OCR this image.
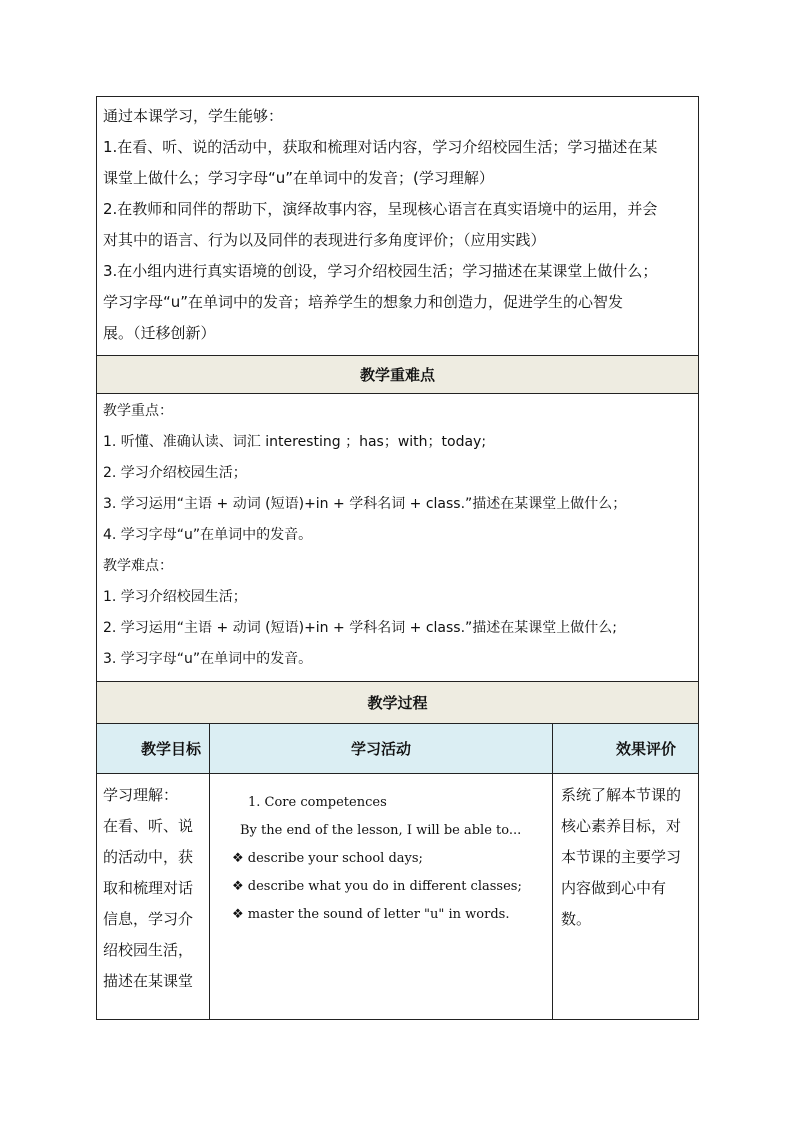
通过本课学习，学生能够：

1.在看、听、说的活动中，获取和梳理对话内容，学习介绍校园生活；学习描述在某

课堂上做什么；学习字母“u”在单词中的发音；(学习理解）

2.在教师和同伴的帮助下，演绎故事内容，呈现核心语言在真实语境中的运用，并会

对其中的语言、行为以及同伴的表现进行多角度评价；（应用实践）

3.在小组内进行真实语境的创设，学习介绍校园生活；学习描述在某课堂上做什么；

学习字母“u”在单词中的发音；培养学生的想象力和创造力，促进学生的心智发

展。（迁移创新）

教学重难点

教学重点：

1. 听懂、准确认读、词汇 interesting ；has；with；today;

2. 学习介绍校园生活；

3. 学习运用“主语 + 动词 (短语)+in + 学科名词 + class.”描述在某课堂上做什么；

4. 学习字母“u”在单词中的发音。

教学难点：

1. 学习介绍校园生活；

2. 学习运用“主语 + 动词 (短语)+in + 学科名词 + class.”描述在某课堂上做什么;

3. 学习字母“u”在单词中的发音。

教学过程
教学目标	学习活动	效果评价

学习理解：

在看、听、说

的活动中，获

取和梳理对话

信息，学习介

绍校园生活，

描述在某课堂

1. Core competences

By the end of the lesson, I will be able to...

❖ describe your school days;

❖ describe what you do in different classes;

❖ master the sound of letter "u" in words.

系统了解本节课的

核心素养目标，对

本节课的主要学习

内容做到心中有

数。
